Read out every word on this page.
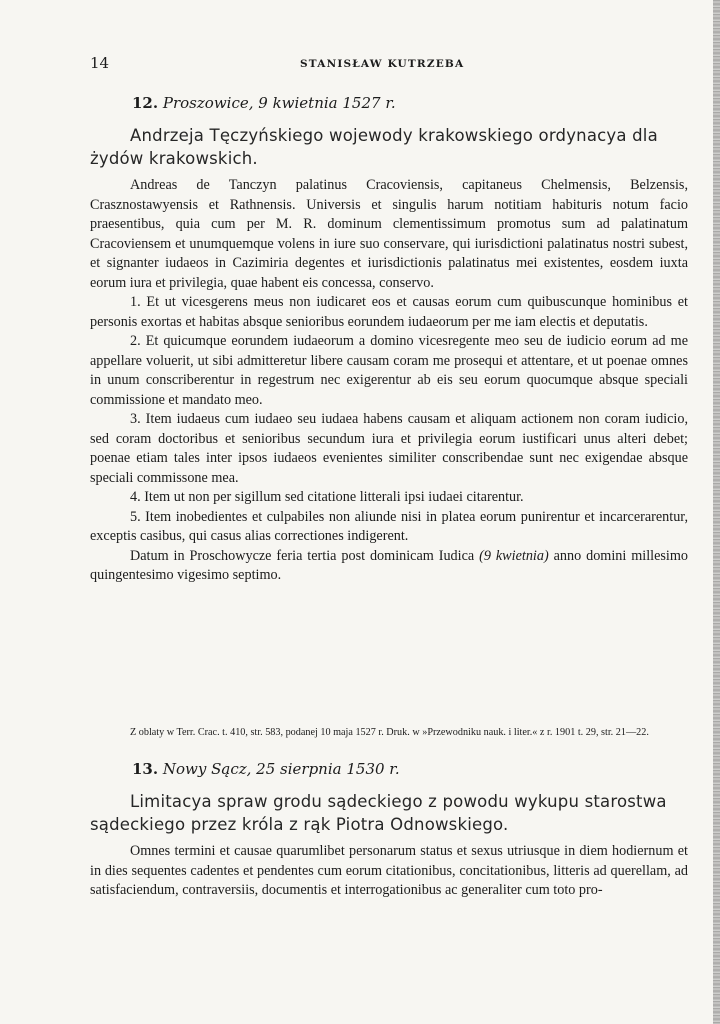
14	STANISŁAW KUTRZEBA
12. Proszowice, 9 kwietnia 1527 r.
Andrzeja Tęczyńskiego wojewody krakowskiego ordynacya dla żydów krakowskich.

Andreas de Tanczyn palatinus Cracoviensis, capitaneus Chelmensis, Belzensis, Crasznostawyensis et Rathnensis. Universis et singulis harum notitiam habituris notum facio praesentibus, quia cum per M. R. dominum clementissimum promotus sum ad palatinatum Cracoviensem et unumquemque volens in iure suo conservare, qui iurisdictioni palatinatus nostri subest, et signanter iudaeos in Cazimiria degentes et iurisdictionis palatinatus mei existentes, eosdem iuxta eorum iura et privilegia, quae habent eis concessa, conservo.

1. Et ut vicesgerens meus non iudicaret eos et causas eorum cum quibuscunque hominibus et personis exortas et habitas absque senioribus eorundem iudaeorum per me iam electis et deputatis.

2. Et quicumque eorundem iudaeorum a domino vicesregente meo seu de iudicio eorum ad me appellare voluerit, ut sibi admitteretur libere causam coram me prosequi et attentare, et ut poenae omnes in unum conscriberentur in regestrum nec exigerentur ab eis seu eorum quocumque absque speciali commissione et mandato meo.

3. Item iudaeus cum iudaeo seu iudaea habens causam et aliquam actionem non coram iudicio, sed coram doctoribus et senioribus secundum iura et privilegia eorum iustificari unus alteri debet; poenae etiam tales inter ipsos iudaeos evenientes similiter conscribendae sunt nec exigendae absque speciali commissone mea.

4. Item ut non per sigillum sed citatione litterali ipsi iudaei citarentur.

5. Item inobedientes et culpabiles non aliunde nisi in platea eorum punirentur et incarcerarentur, exceptis casibus, qui casus alias correctiones indigerent.

Datum in Proschowycze feria tertia post dominicam Iudica (9 kwietnia) anno domini millesimo quingentesimo vigesimo septimo.

Z oblaty w Terr. Crac. t. 410, str. 583, podanej 10 maja 1527 r. Druk. w »Przewodniku nauk. i liter.« z r. 1901 t. 29, str. 21—22.

13. Nowy Sącz, 25 sierpnia 1530 r.
Limitacya spraw grodu sądeckiego z powodu wykupu starostwa sądeckiego przez króla z rąk Piotra Odnowskiego.

Omnes termini et causae quarumlibet personarum status et sexus utriusque in diem hodiernum et in dies sequentes cadentes et pendentes cum eorum citationibus, concitationibus, litteris ad querellam, ad satisfaciendum, contraversiis, documentis et interrogationibus ac generaliter cum toto pro-
